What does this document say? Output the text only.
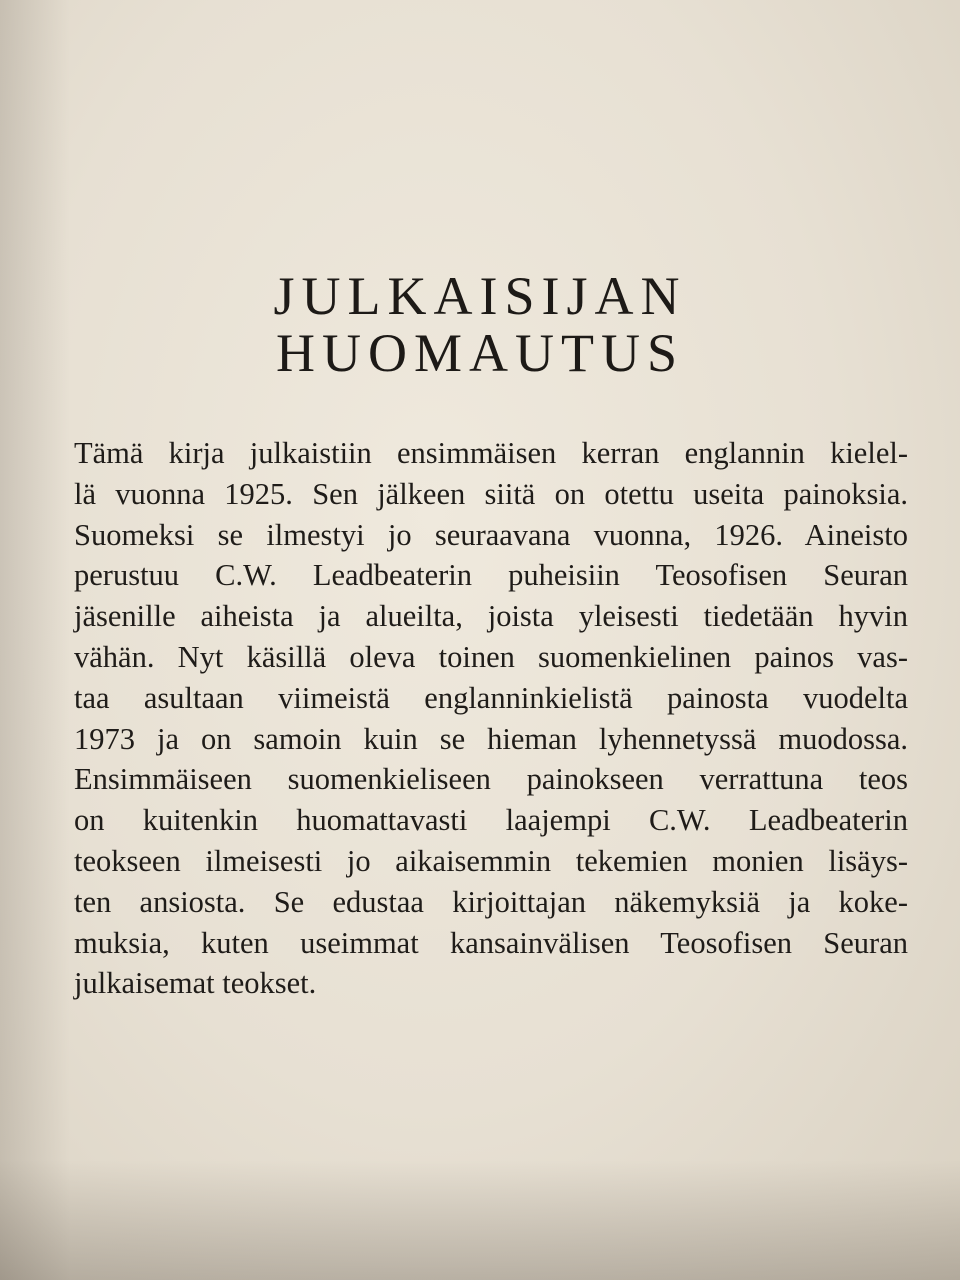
JULKAISIJAN
HUOMAUTUS
Tämä kirja julkaistiin ensimmäisen kerran englannin kielel-
lä vuonna 1925. Sen jälkeen siitä on otettu useita painoksia.
Suomeksi se ilmestyi jo seuraavana vuonna, 1926. Aineisto
perustuu C.W. Leadbeaterin puheisiin Teosofisen Seuran
jäsenille aiheista ja alueilta, joista yleisesti tiedetään hyvin
vähän. Nyt käsillä oleva toinen suomenkielinen painos vas-
taa asultaan viimeistä englanninkielistä painosta vuodelta
1973 ja on samoin kuin se hieman lyhennetyssä muodossa.
Ensimmäiseen suomenkieliseen painokseen verrattuna teos
on kuitenkin huomattavasti laajempi C.W. Leadbeaterin
teokseen ilmeisesti jo aikaisemmin tekemien monien lisäys-
ten ansiosta. Se edustaa kirjoittajan näkemyksiä ja koke-
muksia, kuten useimmat kansainvälisen Teosofisen Seuran
julkaisemat teokset.
